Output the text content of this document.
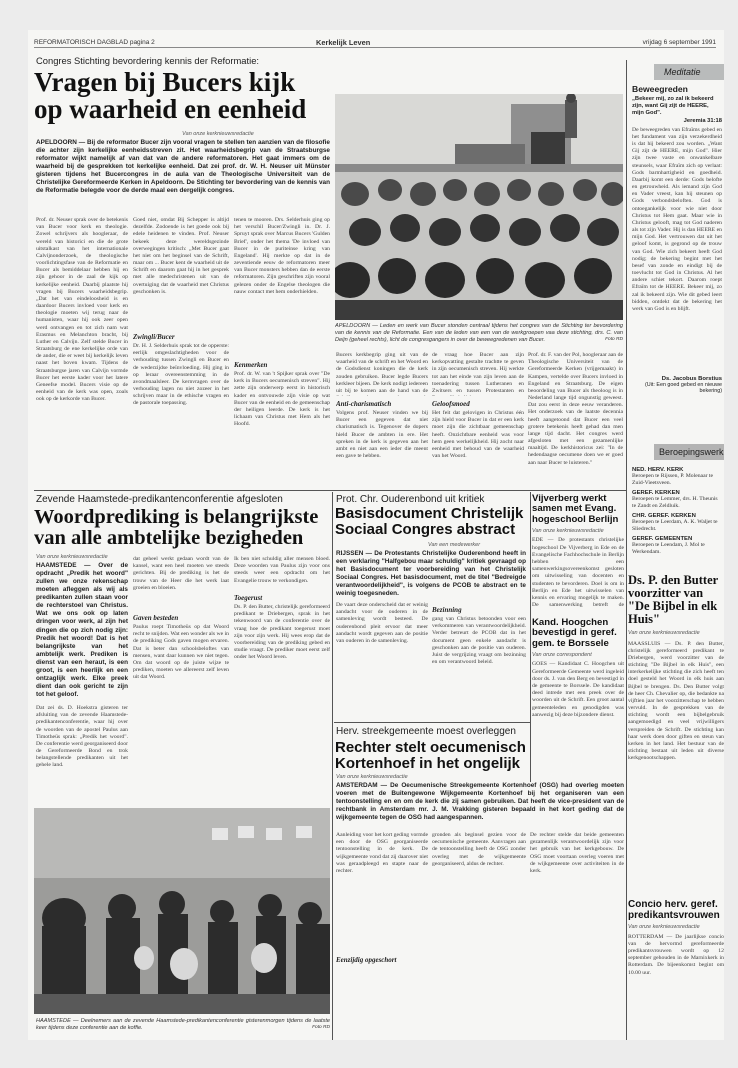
REFORMATORISCH DAGBLAD pagina 2	Kerkelijk Leven	vrijdag 6 september 1991
Congres Stichting bevordering kennis der Reformatie:
Vragen bij Bucers kijk
op waarheid en eenheid
Van onze kerknieuwsredactie
APELDOORN — Bij de reformator Bucer zijn vooral vragen te stellen ten aanzien van de filosofie die achter zijn kerkelijke eenheidsstreven zit. Het waarheidsbegrip van de Straatsburgse reformator wijkt namelijk af van dat van de andere reformatoren. Het gaat immers om de waarheid bij de gesprekken tot kerkelijke eenheid. Dat zei prof. dr. W. H. Neuser uit Münster gisteren tijdens het Bucercongres in de aula van de Theologische Universiteit van de Christelijke Gereformeerde Kerken in Apeldoorn. De Stichting ter bevordering van de kennis van de Reformatie belegde voor de derde maal een dergelijk congres.
Prof. dr. Neuser sprak over de betekenis van Bucer voor kerk en theologie. Zowel schrijvers als hoogleraar, de wereld van historici en die de grote uitstalkast van het internationale Calvijnonderzoek, de theologische voorlichtingsfase van de Reformatie en Bucer als bemiddelaar hebben hij en zijn gehoor in de zaal de kijk op kerkelijke eenheid. Daarbij plaatste hij vragen bij Bucers waarheidsbegrip. „Dat het van eindeloosheid is en daardoor Bucers invloed voor kerk en theologie moeten wij terug naar de humanisten, waar hij ook zeer open werd ontvangen en tot zich nam wat Erasmus en Melanchton bracht, bij Luther en Calvijn. Zelf stelde Bucer in Straatsburg de ene kerkelijke orde van de ander, die er weet bij kerkelijk leven naast het boven kwam. Tijdens de Straatsburgse jaren van Calvijn vormde Bucer het eerste kader voor het latere Geneefse model. Bucers visie op de eenheid van de kerk was open, zoals ook op de kerkorde van Bucer.
Goed niet, omdat Bij Schepper is altijd dezelfde. Zodoende is het goede ook bij edele heidenen te vinden. Prof. Neuser bekeek deze wereldsgezinde overwegingen kritisch: „Met Bucer gaat het niet om het beginsel van de Schrift, maar om ... Bucer kent de waarheid uit de Schrift en daarom gaat hij in het gesprek met alle medechristenen uit van de overtuiging dat de waarheid met Christus geschonken is.
Zwingli/Bucer
Dr. H. J. Selderhuis sprak tot de opperste: eerlijk omgeslachtigheden voor de verhouding tussen Zwingli en Bucer en de wederzijdse beïnvloeding. Hij ging in op leraar overeenstemming in de avondmaalsleer. De kernvragen over de verhouding lagen nu niet zozeer in het schrijven maar in de ethische vragen en de pastorale toepassing.
tenen te mooren. Drs. Selderhuis ging op het verschil Bucer/Zwingli in. Dr. J. Spruyt sprak over Marcus Bucers 'Gulden Brief', onder het thema 'De invloed van Bucer in de puriteinse kring van Engeland'. Hij merkte op dat in de zeventiende eeuw de reformatoren meer van Bucer monsters hebben dan de eerste reformatoren. Zijn geschriften zijn vooral gelezen onder de Engelse theologen die nauw contact met hem onderhielden.
Kenmerken
Prof. dr. W. van 't Spijker sprak over "De kerk in Bucers oecumenisch streven". Hij zette zijn onderwerp eerst in historisch kader en ontvouwde zijn visie op wat Bucer van de eenheid en de gemeenschap der heiligen leerde. De kerk is het lichaam van Christus met Hem als het Hoofd.
APELDOORN — Leden en werk van Bucer stonden centraal tijdens het congres van de Stichting ter bevordering van de kennis van de Reformatie. Een van de leden van een van de werkgroepen vaa deze stichting, drs. C. van Deijn (geheel rechts), licht de congresgangers in over de beweegredenen van Bucer.	Foto RD
Bucers kerkbegrip ging uit van de waarheid van de schrift en het Woord en de Godsdienst koningen die de kerk zouden gebruiken. Bucer legde Bucers kerkleer bijeen. De kerk nodigt iedereen uit bij te komen aan de hand van de
Anti-charismatisch
Volgens prof. Neuser vinden we bij Bucer een gegeven dat niet charismatisch is. Tegenover de dopers hield Bucer de ambten in ere. Het spreken in de kerk is gegeven aan het ambt en niet aan een ieder die meent een gave te hebben.
de vraag hoe Bucer aan zijn kerkopvatting gestalte trachtte te geven in zijn oecumenisch streven. Hij werkte tot aan het einde van zijn leven aan de toenadering tussen Lutheranen en Zwitsers en tussen Protestanten en
Geloofsmoed
Het feit dat gelovigen in Christus één zijn hield voor Bucer in dat er een kerk moet zijn die zichtbaar gemeenschap heeft. Onzichtbare eenheid was voor hem geen werkelijkheid. Hij zocht naar eenheid met behoud van de waarheid van het Woord.
Prof. dr. F. van der Pol, hoogleraar aan de Theologische Universiteit van de Gereformeerde Kerken (vrijgemaakt) in Kampen, vertelde over Bucers invloed in Engeland en Straatsburg. De eigen beoordeling van Bucer als theoloog is in Nederland lange tijd ongunstig geweest. Dat zou eerst in deze eeuw veranderen. Het onderzoek van de laatste decennia heeft aangetoond dat Bucer een veel grotere betekenis heeft gehad dan men lange tijd dacht. Het congres werd afgesloten met een gezamenlijke maaltijd. De kerkhistoricus zei: "In de hedendaagse oecumene doen we er goed aan naar Bucer te luisteren."
Meditatie
Beweegreden
„Bekeer mij, zo zal ik bekeerd zijn, want Gij zijt de HEERE, mijn God".
Jeremia 31:18
De beweegreden van Efraïms gebed en het fundament van zijn verzekerdheid is dat hij bekeerd zou worden. „Want Gij zijt de HEERE, mijn God". Hier zijn twee vaste en onwankelbare steunsels, waar Efraïm zich op verlaat: Gods barmhartigheid en goedheid. Daarbij komt een derde: Gods belofte en getrouwheid. Als iemand zijn God en Vader vreest, kan hij steunen op Gods verbondsbeloften. God is ontoegankelijk voor wie niet door Christus tot Hem gaat. Maar wie in Christus gelooft, mag tot God naderen als tot zijn Vader. Hij is dan HEERE en mijn God. Het vertrouwen dat uit het geloof komt, is gegrond op de trouw van God. Wie zich bekeert heeft God nodig; de bekering begint met het besef van zonde en eindigt bij de toevlucht tot God in Christus. Al het andere schiet tekort. Daarom roept Efraïm tot de HEERE. Bekeer mij, zo zal ik bekeerd zijn. Wie dit gebed leert bidden, ontdekt dat de bekering het werk van God is en blijft.
Ds. Jacobus Borstius
(Uit: Een goed gebed en nieuwe bekering)
Beroepingswerk
NED. HERV. KERK
Beroepen te Rijssen, P. Molenaar te Zuid-Vieetsveen.
GEREF. KERKEN
Beroepen te Lemmer, drs. H. Theunis te Zandt en Zeldluik.
CHR. GEREF. KERKEN
Beroepen te Leerdam, A. K. Waljet te Sliedrecht.
GEREF. GEMEENTEN
Beroepen te Leendam, J. Mol te Werkendam.
Ds. P. den Butter voorzitter van "De Bijbel in elk Huis"
Van onze kerknieuwsredactie
MAASSLUIS — Ds. P. den Butter, christelijk gereformeerd predikant te Driebergen, werd voorzitter van de stichting "De Bijbel in elk Huis", een interkerkelijke stichting die zich heeft ten doel gesteld het Woord in elk huis aan Bijbel te brengen. Ds. Den Butter volgt de heer Ch. Chevalier op, die bedankte na vijftien jaar het voorzitterschap te hebben vervuld. In de gesprekken van de stichting wordt een bijbelgebruik aangemoedigd en veel vrijwilligers verspreiden de Schrift. De stichting kan haar werk doen door giften en steun van kerken in het land. Het bestuur van de stichting bestaat uit leden uit diverse kerkgenootschappen.
Zevende Haamstede-predikantenconferentie afgesloten
Woordprediking is belangrijkste
van alle ambtelijke bezigheden
Van onze kerknieuwsredactie
HAAMSTEDE — Over de opdracht „Predik het woord" zullen we onze rekenschap moeten afleggen als wij als predikanten zullen staan voor de rechterstoel van Christus. Wat we ons ook op laten dringen voor werk, al zijn het dingen die op zich nodig zijn: Predik het woord! Dat is het belangrijkste van het ambtelijk werk. Prediken is dienst van een heraut, is een groot, is een heerlijk en een ontzaglijk werk. Elke preek dient dan ook gericht te zijn tot het geloof.
Dat zei ds. D. Hoekstra gisteren ter afsluiting van de zevende Haamstede-predikantenconferentie, waar hij over de woorden van de apostel Paulus aan Timotheüs sprak: „Predik het woord". De conferentie werd georganiseerd door de Gereformeerde Bond en trok belangstellende predikanten uit het gehele land.
dat geheel werkt gedaan wordt van de kansel, want een heel moeten we steeds gerichten. Bij de prediking is het de trouw van de Heer die het werk laat groeien en bloeien.
Gaven besteden
Paulus roept Timotheüs op dat Woord recht te snijden. Wat een wonder als we in de prediking Gods gaven mogen ervaren. Dat is beter dan schoolsbeloftes van mensen, want daar kunnen we niet tegen. Om dat woord op de juiste wijze te prediken, moeten we allereerst zelf leven uit dat Woord.
Ik ben niet schuldig aller mensen bloed. Deze woorden van Paulus zijn voor ons steeds weer een opdracht om het Evangelie trouw te verkondigen.
Toegerust
Ds. P. den Butter, christelijk gereformeerd predikant te Driebergen, sprak in het tekenwoord van de conferentie over de vraag hoe de predikant toegerust moet zijn voor zijn werk. Hij wees erop dat de voorbereiding van de prediking gebed en studie vraagt. De prediker moet eerst zelf onder het Woord leven.
HAAMSTEDE — Deelnemers aan de zevende Haamstede-predikantenconferentie gisterenmorgen tijdens de laatste keer tijdens deze conferentie aan de koffie.	Foto RD
Prot. Chr. Ouderenbond uit kritiek
Basisdocument Christelijk
Sociaal Congres abstract
Van een medewerker
RIJSSEN — De Protestants Christelijke Ouderenbond heeft in een verklaring "Halfgebou maar schuldig" kritiek gevraagd op het Basisdocument ter voorbereiding van het Christelijk Sociaal Congres. Het basisdocument, met de titel "Bedreigde verantwoordelijkheid", is volgens de PCOB te abstract en te weinig toegesneden.
De vaart deze onderscheid dat er weinig aandacht voor de ouderen in de samenleving wordt besteed. De ouderenbond pleit ervoor dat meer aandacht wordt gegeven aan de positie van ouderen in de samenleving.
Bezinning
gang van Christus betoonden voor een verkommeren van verantwoordelijkheid. Verder betreurt de PCOB dat in het document geen enkele aandacht is geschonken aan de positie van ouderen. Juist de vergrijzing vraagt om bezinning en om verantwoord beleid.
Herv. streekgemeente moest overleggen
Rechter stelt oecumenisch
Kortenhoef in het ongelijk
Van onze kerknieuwsredactie
AMSTERDAM — De Oecumenische Streekgemeente Kortenhoef (OSG) had overleg moeten voeren met de Buitengewone Wijkgemeente Kortenhoef bij het organiseren van een tentoonstelling en en om de kerk die zij samen gebruiken. Dat heeft de vice-president van de rechtbank in Amsterdam mr. J. M. Vrakking gisteren bepaald in het kort geding dat de wijkgemeente tegen de OSG had aangespannen.
Aanleiding voor het kort geding vormde een door de OSG georganiseerde tentoonstelling in de kerk. De wijkgemeente vond dat zij daarover niet was geraadpleegd en stapte naar de rechter.
Eenzijdig opgeschort
gronden als beginsel gezien voor de oecumenische gemeente. Aanvragen aan de tentoonstelling heeft de OSG zonder overleg met de wijkgemeente georganiseerd, aldus de rechter.
De rechter stelde dat beide gemeenten gezamenlijk verantwoordelijk zijn voor het gebruik van het kerkgebouw. De OSG moet voortaan overleg voeren met de wijkgemeente over activiteiten in de kerk.
Vijverberg werkt samen met Evang. hogeschool Berlijn
Van onze kerknieuwsredactie
EDE — De protestants christelijke hogeschool De Vijverberg in Ede en de Evangelische Fachhochschule in Berlijn hebben een samenwerkingsovereenkomst gesloten om uitwisseling van docenten en studenten te bevorderen. Doel is om in Berlijn en Ede het uitwisselen van kennis en ervaring mogelijk te maken. De samenwerking betreft de
Kand. Hoogchen bevestigd in geref. gem. te Borssele
Van onze correspondent
GOES — Kandidaat C. Hoogchen uit Gereformeerde Gemeente werd ingeleid door ds. J. van den Berg en bevestigd in de gemeente te Borssele. De kandidaat deed intrede met een preek over de woorden uit de Schrift. Een groot aantal gemeenteleden en genodigden was aanwezig bij deze bijzondere dienst.
Concio herv. geref. predikantsvrouwen
Van onze kerknieuwsredactie
ROTTERDAM — De jaarlijkse concio van de hervormd gereformeerde predikantsvrouwen wordt op 12 september gehouden in de Marnixkerk in Rotterdam. De bijeenkomst begint om 10.00 uur.
